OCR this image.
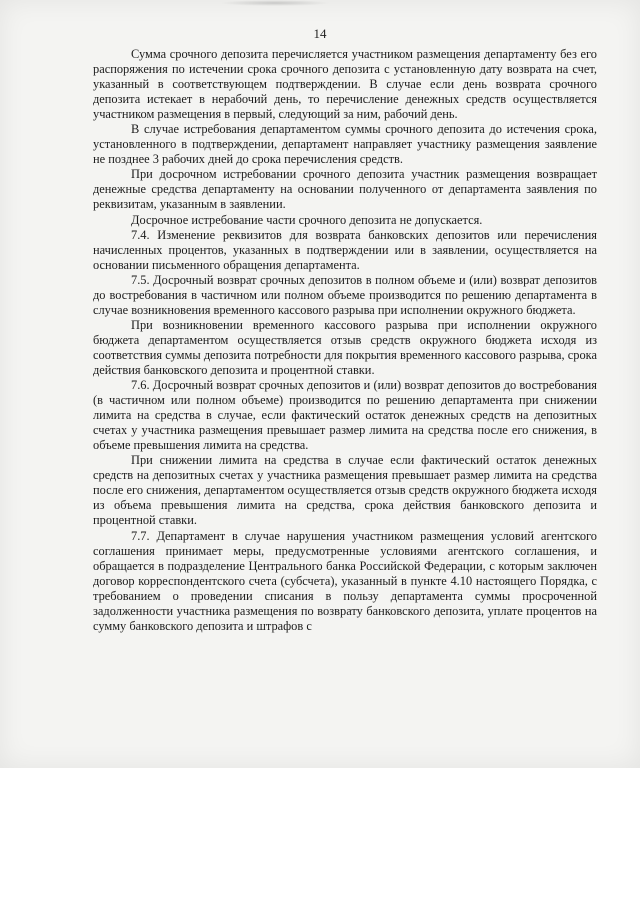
14

Сумма срочного депозита перечисляется участником размещения департаменту без его распоряжения по истечении срока срочного депозита с установленную дату возврата на счет, указанный в соответствующем подтверждении. В случае если день возврата срочного депозита истекает в нерабочий день, то перечисление денежных средств осуществляется участником размещения в первый, следующий за ним, рабочий день.

В случае истребования департаментом суммы срочного депозита до истечения срока, установленного в подтверждении, департамент направляет участнику размещения заявление не позднее 3 рабочих дней до срока перечисления средств.

При досрочном истребовании срочного депозита участник размещения возвращает денежные средства департаменту на основании полученного от департамента заявления по реквизитам, указанным в заявлении.

Досрочное истребование части срочного депозита не допускается.

7.4. Изменение реквизитов для возврата банковских депозитов или перечисления начисленных процентов, указанных в подтверждении или в заявлении, осуществляется на основании письменного обращения департамента.

7.5. Досрочный возврат срочных депозитов в полном объеме и (или) возврат депозитов до востребования в частичном или полном объеме производится по решению департамента в случае возникновения временного кассового разрыва при исполнении окружного бюджета.

При возникновении временного кассового разрыва при исполнении окружного бюджета департаментом осуществляется отзыв средств окружного бюджета исходя из соответствия суммы депозита потребности для покрытия временного кассового разрыва, срока действия банковского депозита и процентной ставки.

7.6. Досрочный возврат срочных депозитов и (или) возврат депозитов до востребования (в частичном или полном объеме) производится по решению департамента при снижении лимита на средства в случае, если фактический остаток денежных средств на депозитных счетах у участника размещения превышает размер лимита на средства после его снижения, в объеме превышения лимита на средства.

При снижении лимита на средства в случае если фактический остаток денежных средств на депозитных счетах у участника размещения превышает размер лимита на средства после его снижения, департаментом осуществляется отзыв средств окружного бюджета исходя из объема превышения лимита на средства, срока действия банковского депозита и процентной ставки.

7.7. Департамент в случае нарушения участником размещения условий агентского соглашения принимает меры, предусмотренные условиями агентского соглашения, и обращается в подразделение Центрального банка Российской Федерации, с которым заключен договор корреспондентского счета (субсчета), указанный в пункте 4.10 настоящего Порядка, с требованием о проведении списания в пользу департамента суммы просроченной задолженности участника размещения по возврату банковского депозита, уплате процентов на сумму банковского депозита и штрафов с
